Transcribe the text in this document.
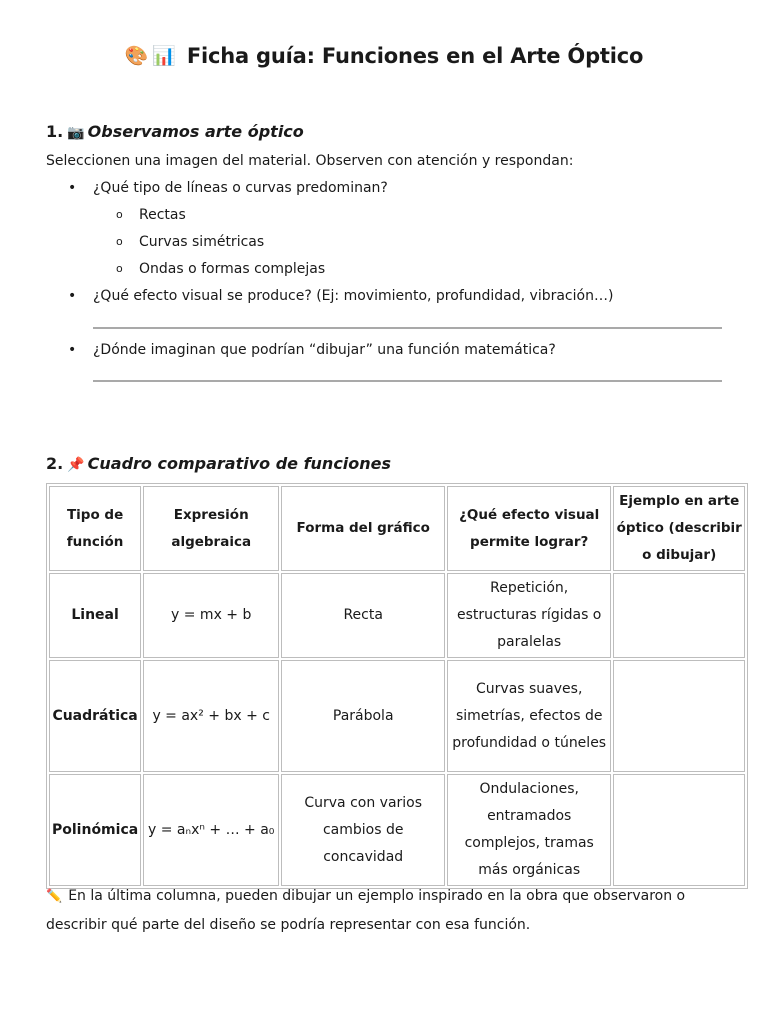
🎨 📊 Ficha guía: Funciones en el Arte Óptico
1. 📷 Observamos arte óptico
Seleccionen una imagen del material. Observen con atención y respondan:
• ¿Qué tipo de líneas o curvas predominan?
o Rectas
o Curvas simétricas
o Ondas o formas complejas
• ¿Qué efecto visual se produce? (Ej: movimiento, profundidad, vibración…)
• ¿Dónde imaginan que podrían “dibujar” una función matemática?
2. 📌 Cuadro comparativo de funciones
Tipo de función	Expresión algebraica	Forma del gráfico	¿Qué efecto visual permite lograr?	Ejemplo en arte óptico (describir o dibujar)
Lineal	y = mx + b	Recta	Repetición, estructuras rígidas o paralelas	
Cuadrática	y = ax² + bx + c	Parábola	Curvas suaves, simetrías, efectos de profundidad o túneles	
Polinómica	y = aₙxⁿ + … + a₀	Curva con varios cambios de concavidad	Ondulaciones, entramados complejos, tramas más orgánicas	
✏️ En la última columna, pueden dibujar un ejemplo inspirado en la obra que observaron o describir qué parte del diseño se podría representar con esa función.
